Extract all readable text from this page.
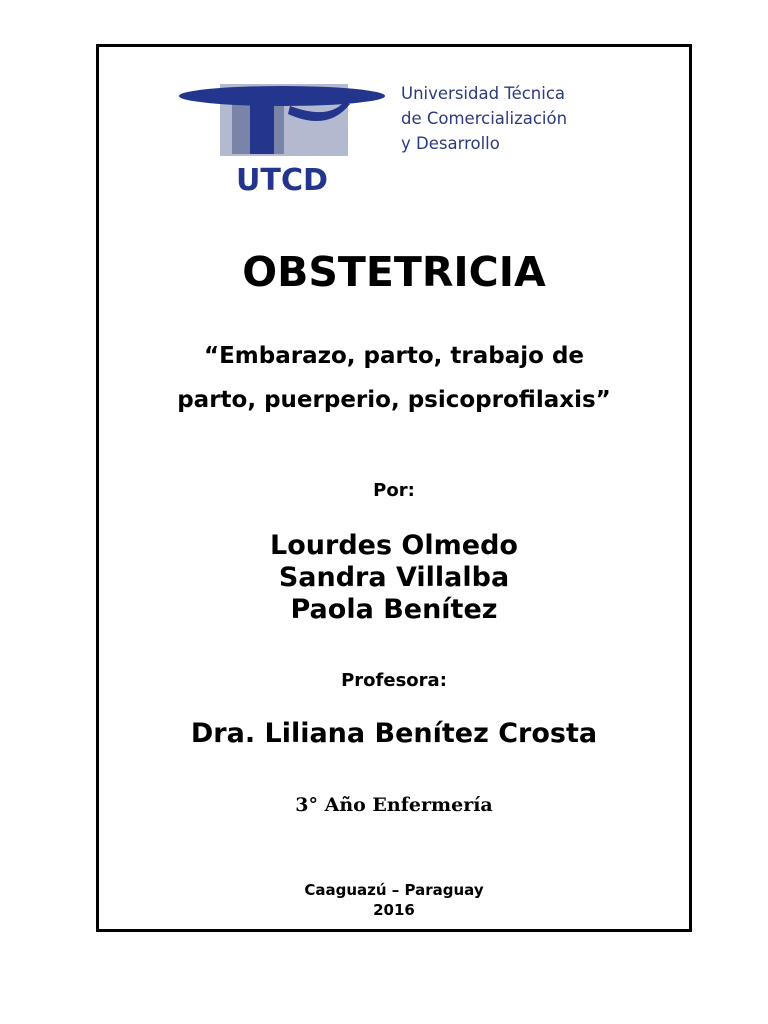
UTCD
Universidad Técnica
de Comercialización
y Desarrollo
OBSTETRICIA
“Embarazo, parto, trabajo de
parto, puerperio, psicoprofilaxis”
Por:
Lourdes Olmedo
Sandra Villalba
Paola Benítez
Profesora:
Dra. Liliana Benítez Crosta
3° Año Enfermería
Caaguazú – Paraguay
2016
